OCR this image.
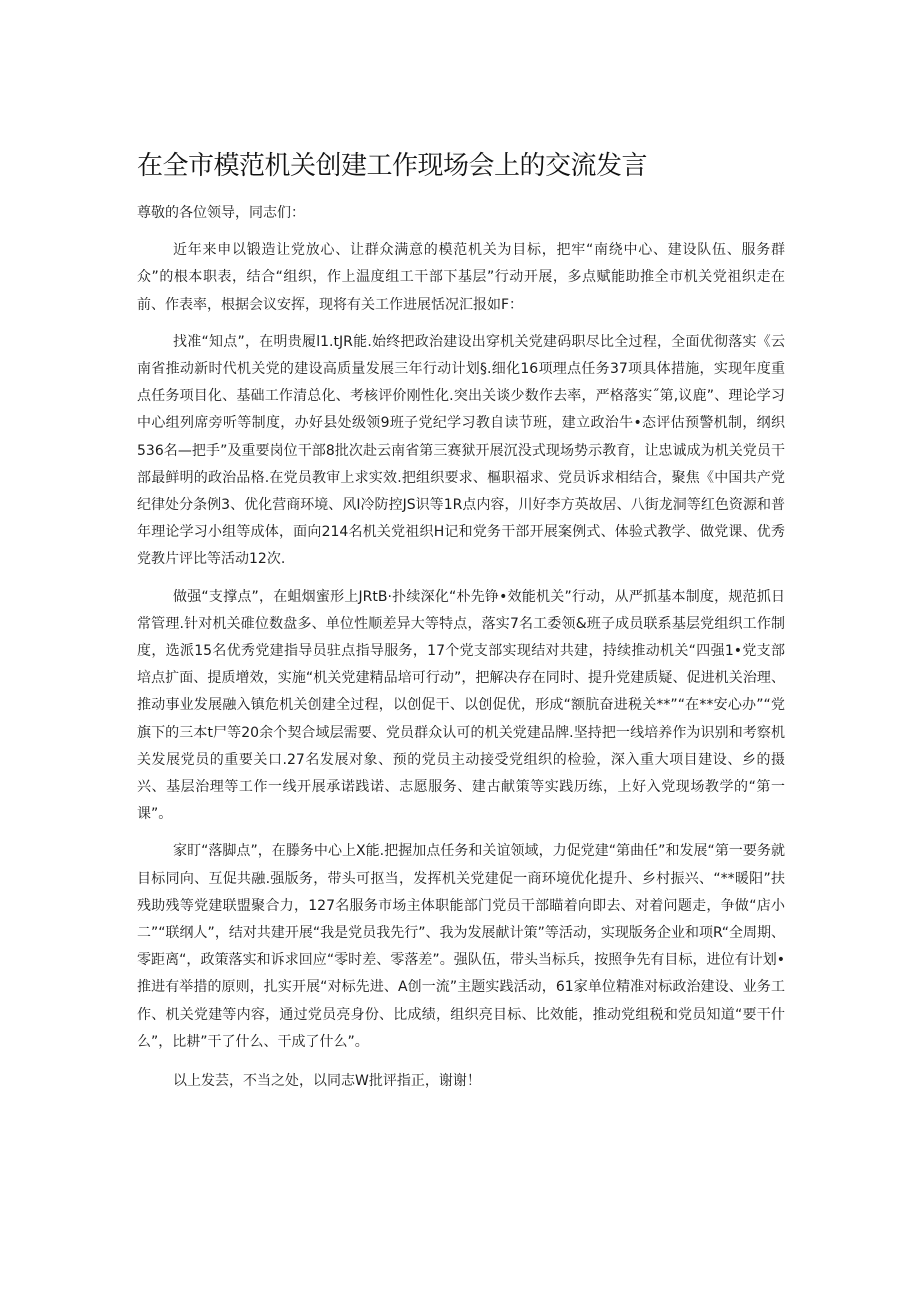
在全市模范机关创建工作现场会上的交流发言

尊敬的各位领导，同志们：

近年来申以锻造让党放心、让群众满意的模范机关为目标，把牢“南绕中心、建设队伍、服务群众”的根本职表，结合“组织，作上温度组工干部下基层”行动开展，多点赋能助推全市机关党祖织走在前、作表率，根据会议安挥，现将有关工作进展恬况汇报如F：

找准“知点”，在明贵履l1.tJR能.始终把政治建设出穿机关党建码职尽比全过程，全面优彻落实《云南省推动新时代机关党的建设高质量发展三年行动计划§.细化16项理点任务37项具体措施，实现年度重点任务项目化、基础工作清总化、考核评价刚性化.突出关谈少数作去率，严格落实˝第,议鹿”、理论学习中心组列席旁听等制度，办好县处级领9班子党纪学习教自读节班，建立政治牛•态评估预警机制，纲织536名—把手”及重要岗位干部8批次赴云南省第三赛狱开展沉没式现场势示教育，让忠诚成为机关党员干部最鲜明的政治品格.在党员教审上求实效.把组织要求、樞职福求、党员诉求相结合，聚焦《中国共产党纪律处分条例3、优化营商环境、风I冷防控JS识等1R点内容，川好李方英故居、八街龙洞等红色资源和普年理论学习小组等成体，面向214名机关党祖织H记和党务干部开展案例式、体验式教学、做党课、优秀党教片评比等活动12次.

做强“支撑点”，在蛆烟蜜形上JRtB·扑续深化“朴先铮•效能机关”行动，从严抓基本制度，规范抓日常管理.针对机关碓位数盘多、单位性顺差异大等特点，落实7名工委领&班子成员联系基层党组织工作制度，选派15名优秀党建指导员驻点指导服务，17个党支部实现结对共建，持续推动机关“四强1•党支部培点扩面、提质增效，实施“机关党建精品培可行动”，把解决存在同时、提升党建质疑、促进机关治理、推动事业发展融入镇危机关创建全过程，以创促干、以创促优，形成“额肮奋进税关**”“在**安心办”“党旗下的三本t尸等20余个契合域层需要、党员群众认可的机关党建品牌.坚持把一线培养作为识别和考察机关发展党员的重要关口.27名发展对象、预的党员主动接受党组织的检验，深入重大项目建设、乡的摄兴、基层治理等工作一线开展承诺践诺、志愿服务、建古献策等实践历练，上好入党现场教学的“第一课”。

家盯“落脚点”，在滕务中心上X能.把握加点任务和关谊领域，力促党建“第曲任”和发展“第一要务就目标同向、互促共融.强版务，带头可抠当，发挥机关党建促一商环境优化提升、乡村振兴、“**暖阳”扶残助残等党建联盟聚合力，127名服务市场主体职能部门党员干部瞄着向即去、对着问题走，争做“店小二”“联纲人”，结对共建开展“我是党员我先行”、我为发展献计策”等活动，实现版务企业和项R“全周期、零距离“，政策落实和诉求回应“零时差、零落差”。强队伍，带头当标兵，按照争先有目标，进位有计划•推进有举措的原则，扎实开展“对标先进、A创一流”主题实践活动，61家单位精准对标政治建设、业务工作、机关党建等内容，通过党员亮身份、比成绩，组织亮目标、比效能，推动党组税和党员知道“要干什么”，比耕”干了什么、干成了什么”。

以上发芸，不当之处，以同志W批评指正，谢谢！
